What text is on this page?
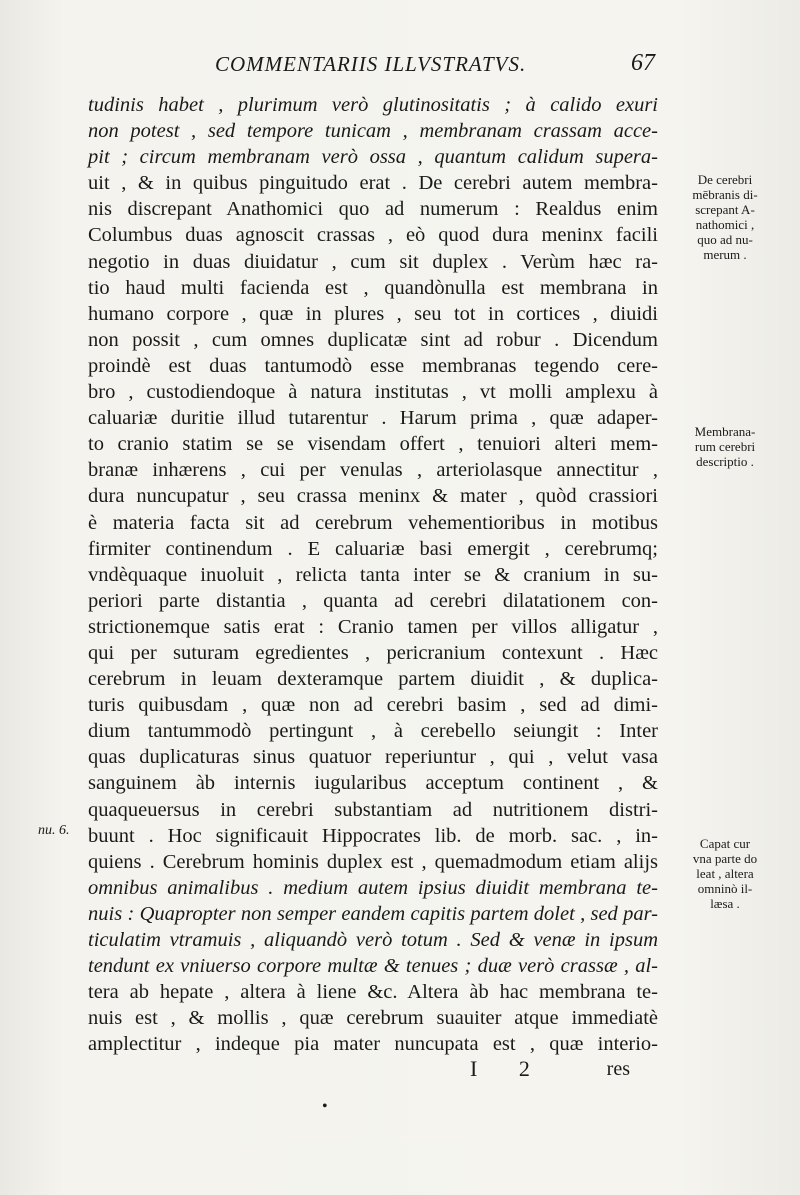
COMMENTARIIS ILLVSTRATVS.	67
tudinis habet , plurimum verò glutinositatis ; à calido exuri
non potest , sed tempore tunicam , membranam crassam acce-
pit ; circum membranam verò ossa , quantum calidum supera-
uit , & in quibus pinguitudo erat . De cerebri autem membra-
nis discrepant Anathomici quo ad numerum : Realdus enim
Columbus duas agnoscit crassas , eò quod dura meninx facili
negotio in duas diuidatur , cum sit duplex . Verùm hæc ra-
tio haud multi facienda est , quandònulla est membrana in
humano corpore , quæ in plures , seu tot in cortices , diuidi
non possit , cum omnes duplicatæ sint ad robur . Dicendum
proindè est duas tantumodò esse membranas tegendo cere-
bro , custodiendoque à natura institutas , vt molli amplexu à
caluariæ duritie illud tutarentur . Harum prima , quæ adaper-
to cranio statim se se visendam offert , tenuiori alteri mem-
branæ inhærens , cui per venulas , arteriolasque annectitur ,
dura nuncupatur , seu crassa meninx & mater , quòd crassiori
è materia facta sit ad cerebrum vehementioribus in motibus
firmiter continendum . E caluariæ basi emergit , cerebrumq;
vndèquaque inuoluit , relicta tanta inter se & cranium in su-
periori parte distantia , quanta ad cerebri dilatationem con-
strictionemque satis erat : Cranio tamen per villos alligatur ,
qui per suturam egredientes , pericranium contexunt . Hæc
cerebrum in leuam dexteramque partem diuidit , & duplica-
turis quibusdam , quæ non ad cerebri basim , sed ad dimi-
dium tantummodò pertingunt , à cerebello seiungit : Inter
quas duplicaturas sinus quatuor reperiuntur , qui , velut vasa
sanguinem àb internis iugularibus acceptum continent , &
quaqueuersus in cerebri substantiam ad nutritionem distri-
buunt . Hoc significauit Hippocrates lib. de morb. sac. , in-
quiens . Cerebrum hominis duplex est , quemadmodum etiam alijs
omnibus animalibus . medium autem ipsius diuidit membrana te-
nuis : Quapropter non semper eandem capitis partem dolet , sed par-
ticulatim vtramuis , aliquandò verò totum . Sed & venæ in ipsum
tendunt ex vniuerso corpore multæ & tenues ; duæ verò crassæ , al-
tera ab hepate , altera à liene &c. Altera àb hac membrana te-
nuis est , & mollis , quæ cerebrum suauiter atque immediatè
amplectitur , indeque pia mater nuncupata est , quæ interio-
De cerebri
mēbranis di-
screpant A-
nathomici ,
quo ad nu-
merum .
Membrana-
rum cerebri
descriptio .
Capat cur
vna parte do
leat , altera
omninò il-
læsa .
nu. 6.
I 2	res
•
